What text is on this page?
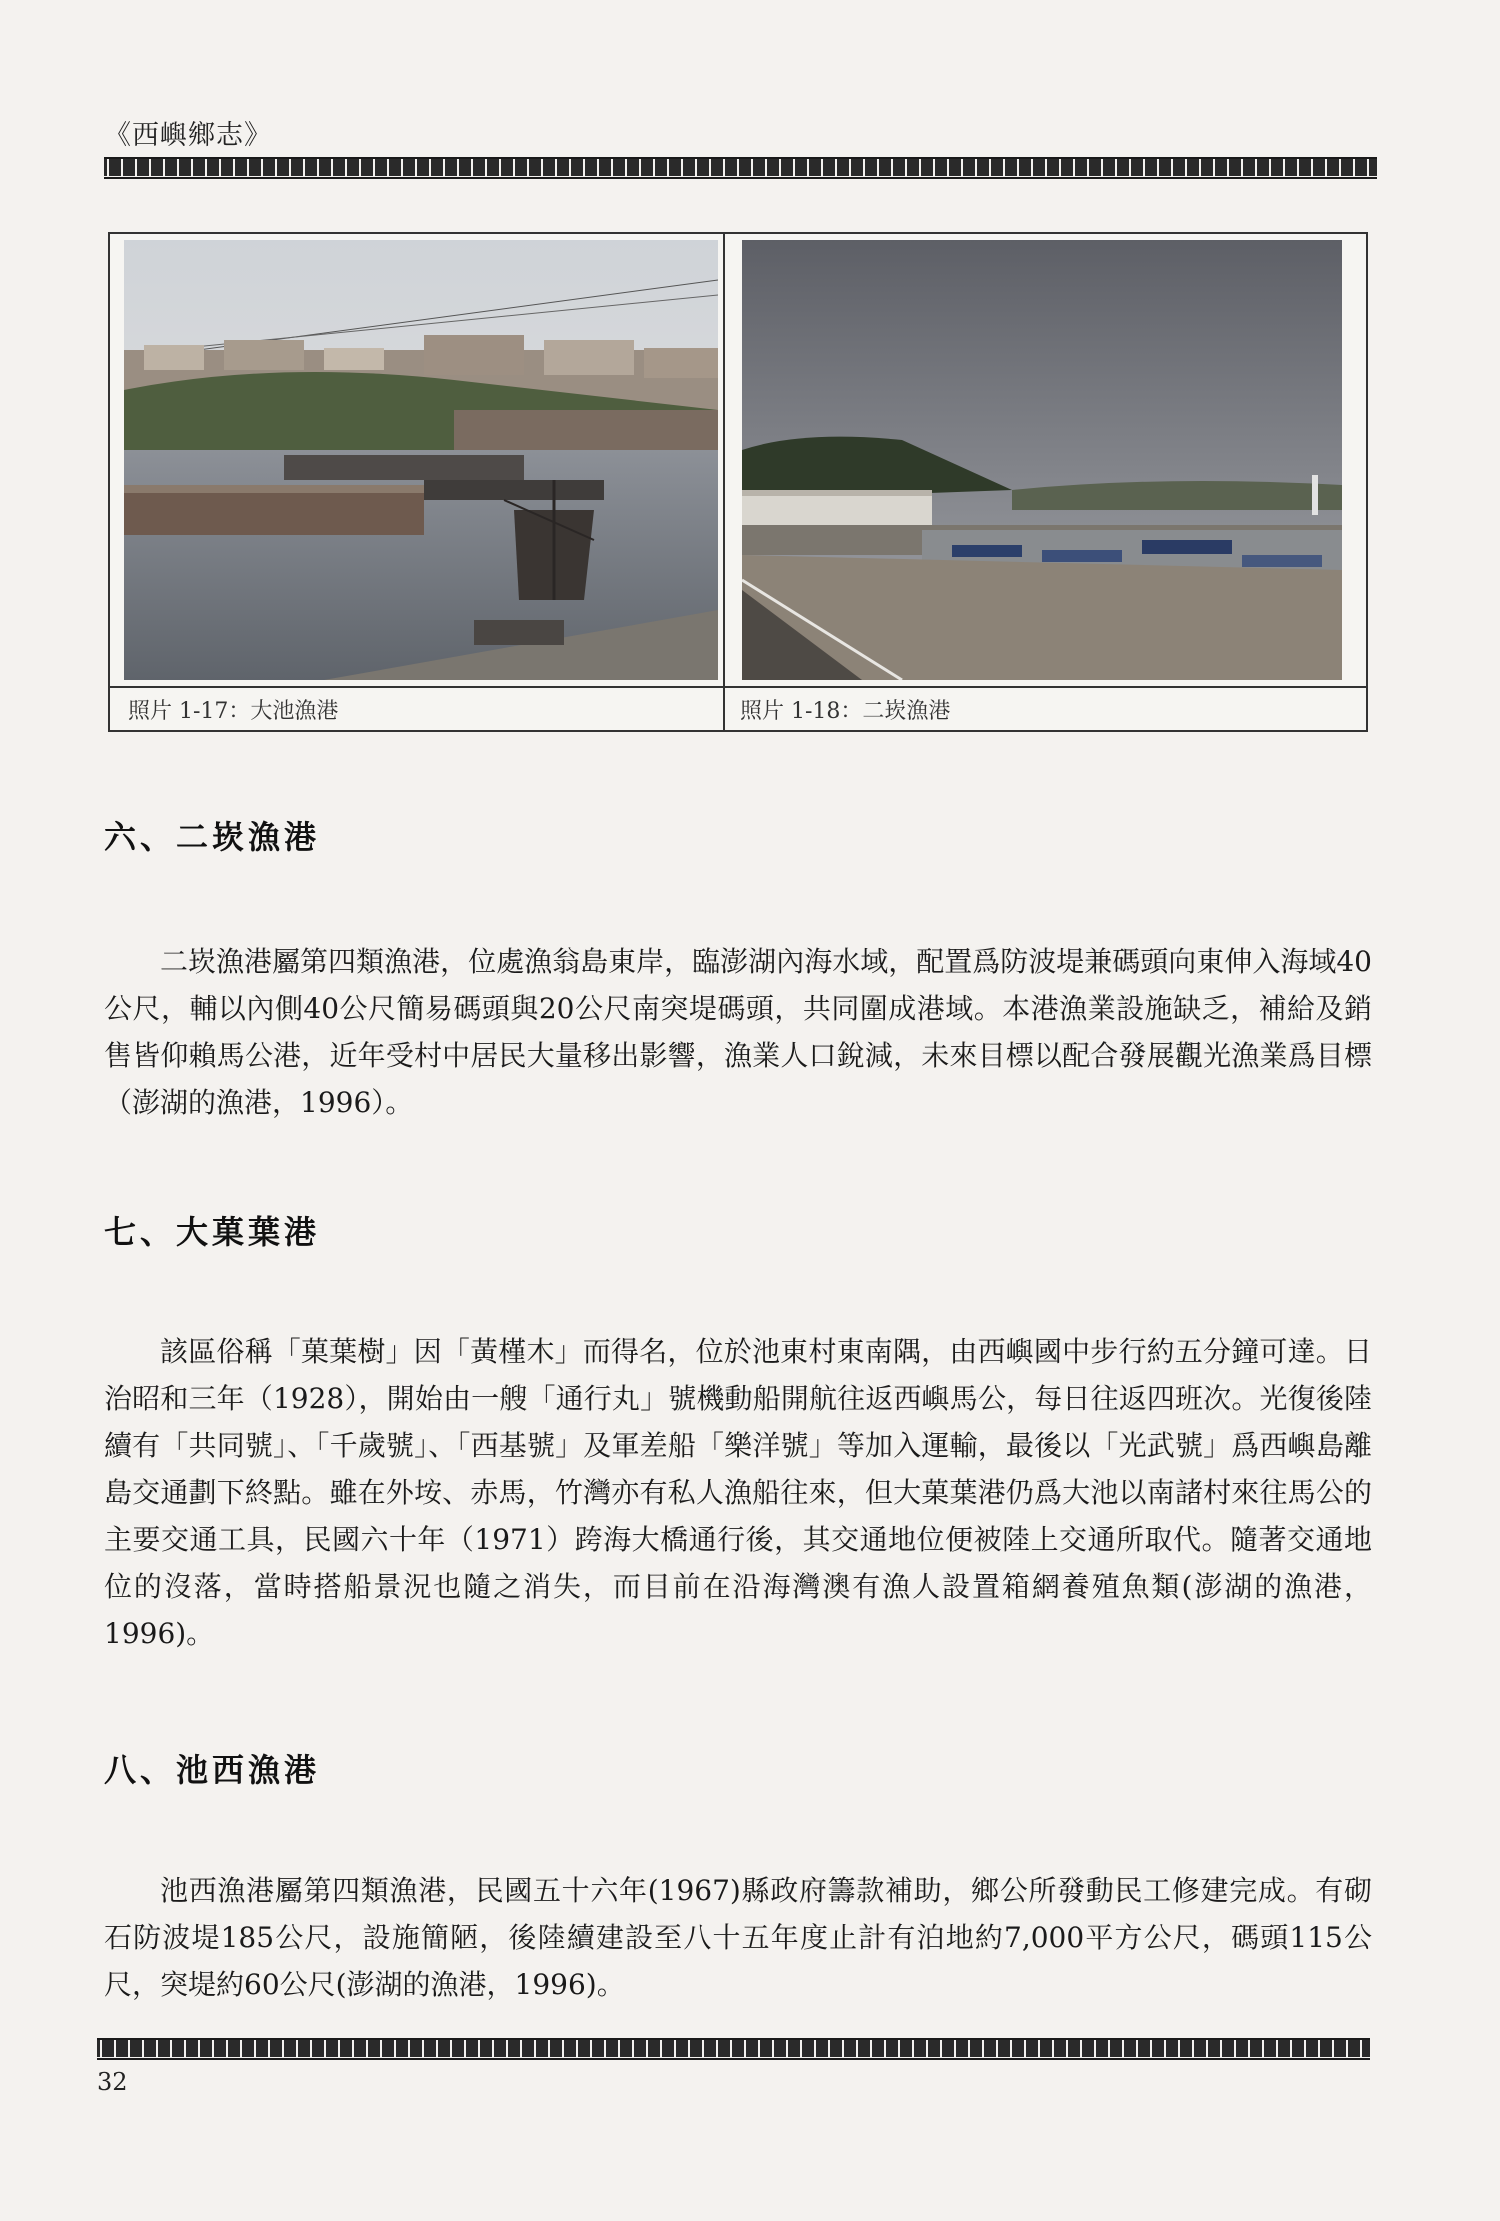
《西嶼鄉志》
照片 1-17：大池漁港	照片 1-18：二崁漁港
六、二崁漁港
二崁漁港屬第四類漁港，位處漁翁島東岸，臨澎湖內海水域，配置爲防波堤兼碼頭向東伸入海域40公尺，輔以內側40公尺簡易碼頭與20公尺南突堤碼頭，共同圍成港域。本港漁業設施缺乏，補給及銷售皆仰賴馬公港，近年受村中居民大量移出影響，漁業人口銳減，未來目標以配合發展觀光漁業爲目標（澎湖的漁港，1996）。
七、大菓葉港
該區俗稱「菓葉樹」因「黃槿木」而得名，位於池東村東南隅，由西嶼國中步行約五分鐘可達。日治昭和三年（1928），開始由一艘「通行丸」號機動船開航往返西嶼馬公，每日往返四班次。光復後陸續有「共同號」、「千歲號」、「西基號」及軍差船「樂洋號」等加入運輸，最後以「光武號」爲西嶼島離島交通劃下終點。雖在外垵、赤馬，竹灣亦有私人漁船往來，但大菓葉港仍爲大池以南諸村來往馬公的主要交通工具，民國六十年（1971）跨海大橋通行後，其交通地位便被陸上交通所取代。隨著交通地位的沒落，當時搭船景況也隨之消失，而目前在沿海灣澳有漁人設置箱網養殖魚類(澎湖的漁港，1996)。
八、池西漁港
池西漁港屬第四類漁港，民國五十六年(1967)縣政府籌款補助，鄉公所發動民工修建完成。有砌石防波堤185公尺，設施簡陋，後陸續建設至八十五年度止計有泊地約7,000平方公尺，碼頭115公尺，突堤約60公尺(澎湖的漁港，1996)。
32
